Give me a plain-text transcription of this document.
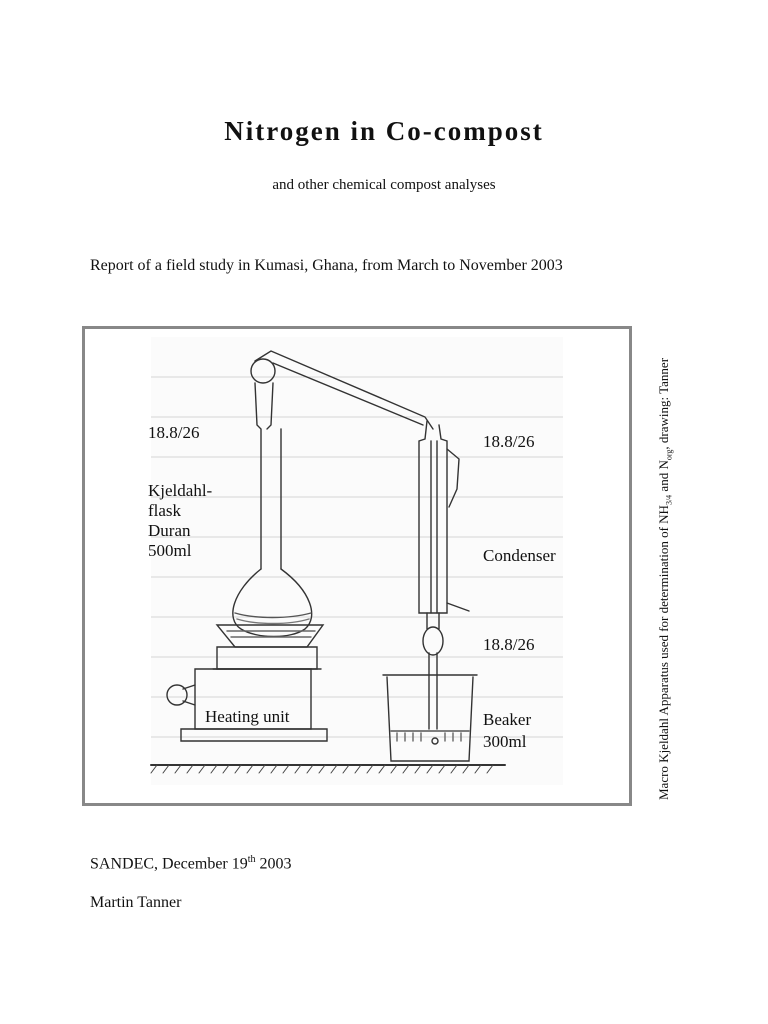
Nitrogen in Co-compost

and other chemical compost analyses

Report of a field study in Kumasi, Ghana, from March to November 2003

18.8/26
Kjeldahl-
flask
Duran
500ml
18.8/26
Condenser
18.8/26
Heating unit	Beaker
300ml	Macro Kjeldahl Apparatus used for determination of $NH_{3/4}$ and $N_{org}$, drawing: Tanner

SANDEC, December 19th 2003

Martin Tanner
